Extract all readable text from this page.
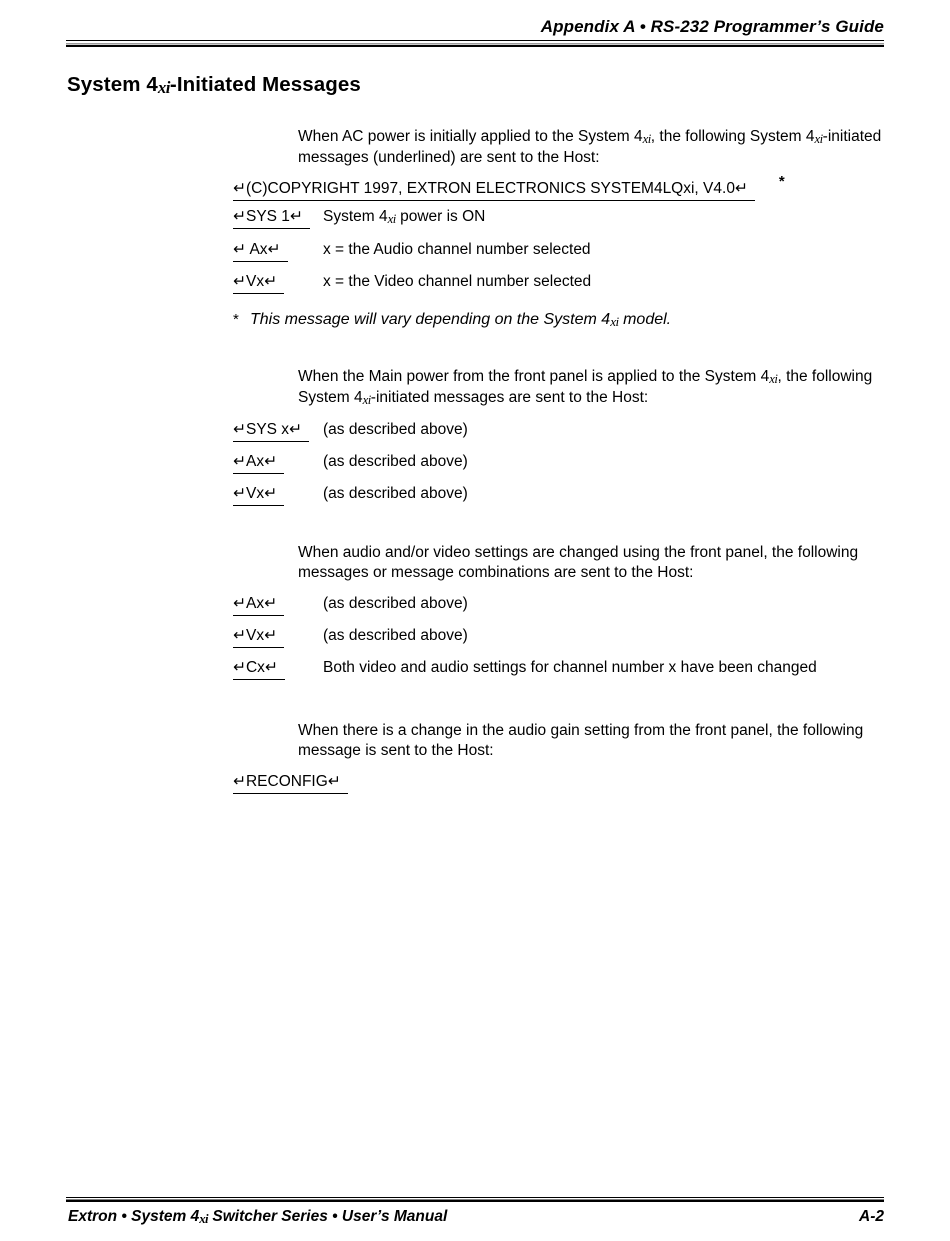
Appendix A • RS-232 Programmer’s Guide
System 4xi-Initiated Messages

When AC power is initially applied to the System 4xi, the following System 4xi-initiated messages (underlined) are sent to the Host:

↵(C)COPYRIGHT 1997, EXTRON ELECTRONICS SYSTEM4LQxi, V4.0↵ *
↵SYS 1↵	System 4xi power is ON
↵ Ax↵	x = the Audio channel number selected
↵Vx↵	x = the Video channel number selected
* This message will vary depending on the System 4xi model.

When the Main power from the front panel is applied to the System 4xi, the following System 4xi-initiated messages are sent to the Host:

↵SYS x↵	(as described above)
↵Ax↵	(as described above)
↵Vx↵	(as described above)

When audio and/or video settings are changed using the front panel, the following messages or message combinations are sent to the Host:

↵Ax↵	(as described above)
↵Vx↵	(as described above)
↵Cx↵	Both video and audio settings for channel number x have been changed

When there is a change in the audio gain setting from the front panel, the following message is sent to the Host:

↵RECONFIG↵
Extron • System 4xi Switcher Series • User’s Manual	A-2
